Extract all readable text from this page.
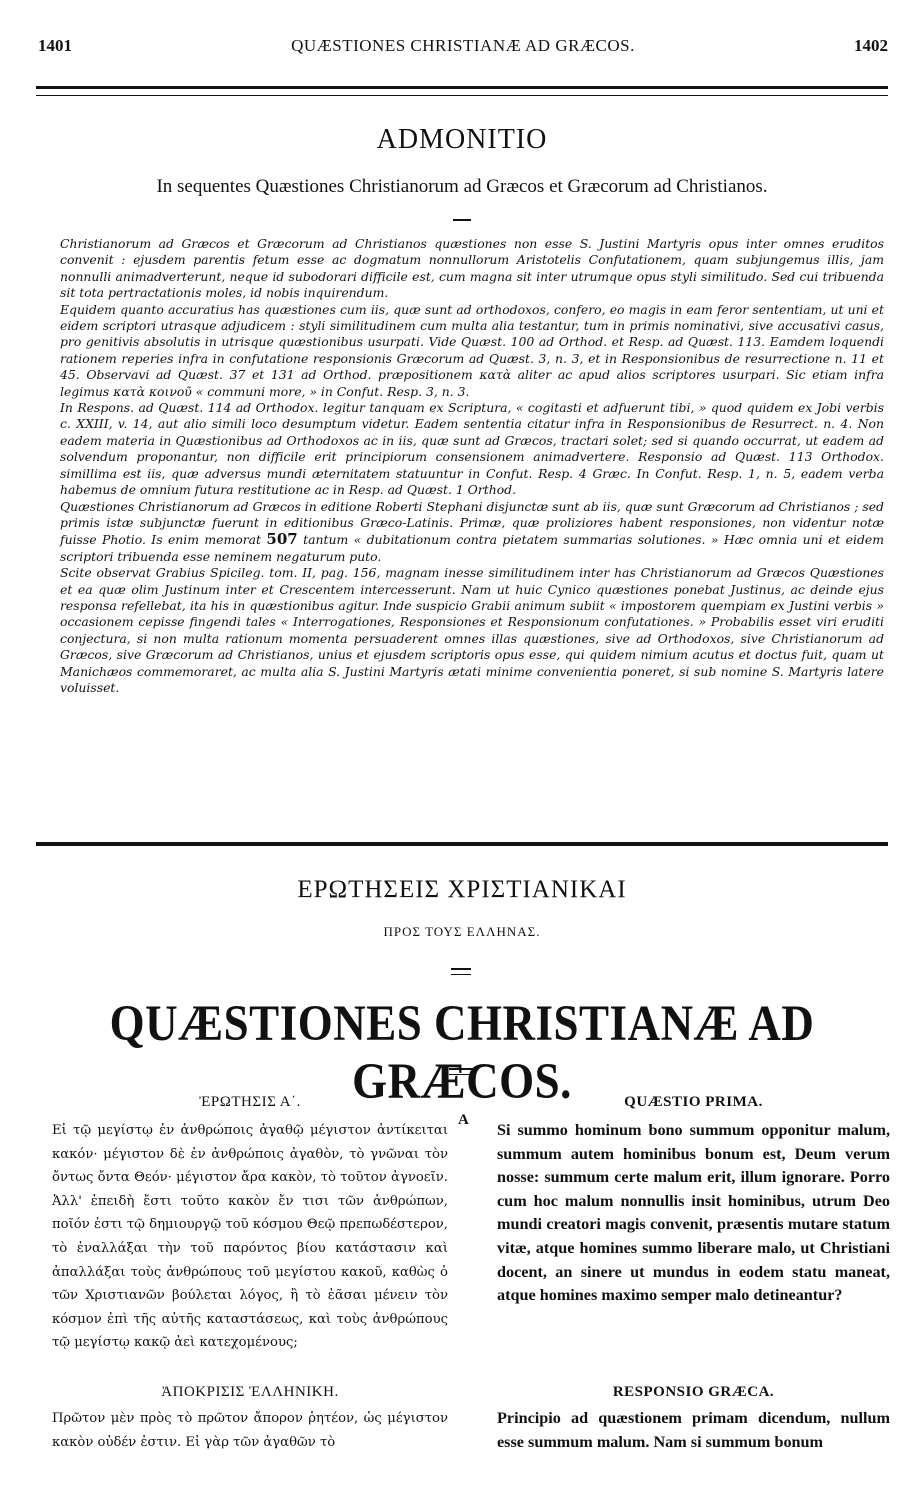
1401	QUÆSTIONES CHRISTIANÆ AD GRÆCOS.	1402
ADMONITIO
In sequentes Quæstiones Christianorum ad Græcos et Græcorum ad Christianos.

Christianorum ad Græcos et Græcorum ad Christianos quæstiones non esse S. Justini Martyris opus inter omnes eruditos convenit : ejusdem parentis fetum esse ac dogmatum nonnullorum Aristotelis Confutationem, quam subjungemus illis, jam nonnulli animadverterunt, neque id subodorari difficile est, cum magna sit inter utrumque opus styli similitudo. Sed cui tribuenda sit tota pertractationis moles, id nobis inquirendum.

Equidem quanto accuratius has quæstiones cum iis, quæ sunt ad orthodoxos, confero, eo magis in eam feror sententiam, ut uni et eidem scriptori utrasque adjudicem : styli similitudinem cum multa alia testantur, tum in primis nominativi, sive accusativi casus, pro genitivis absolutis in utrisque quæstionibus usurpati. Vide Quæst. 100 ad Orthod. et Resp. ad Quæst. 113. Eamdem loquendi rationem reperies infra in confutatione responsionis Græcorum ad Quæst. 3, n. 3, et in Responsionibus de resurrectione n. 11 et 45. Observavi ad Quæst. 37 et 131 ad Orthod. præpositionem κατὰ aliter ac apud alios scriptores usurpari. Sic etiam infra legimus κατὰ κοινοῦ « communi more, » in Confut. Resp. 3, n. 3.

In Respons. ad Quæst. 114 ad Orthodox. legitur tanquam ex Scriptura, « cogitasti et adfuerunt tibi, » quod quidem ex Jobi verbis c. XXIII, v. 14, aut alio simili loco desumptum videtur. Eadem sententia citatur infra in Responsionibus de Resurrect. n. 4. Non eadem materia in Quæstionibus ad Orthodoxos ac in iis, quæ sunt ad Græcos, tractari solet; sed si quando occurrat, ut eadem ad solvendum proponantur, non difficile erit principiorum consensionem animadvertere. Responsio ad Quæst. 113 Orthodox. simillima est iis, quæ adversus mundi æternitatem statuuntur in Confut. Resp. 4 Græc. In Confut. Resp. 1, n. 5, eadem verba habemus de omnium futura restitutione ac in Resp. ad Quæst. 1 Orthod.

Quæstiones Christianorum ad Græcos in editione Roberti Stephani disjunctæ sunt ab iis, quæ sunt Græcorum ad Christianos ; sed primis istæ subjunctæ fuerunt in editionibus Græco-Latinis. Primæ, quæ proliziores habent responsiones, non videntur notæ fuisse Photio. Is enim memorat 507 tantum « dubitationum contra pietatem summarias solutiones. » Hæc omnia uni et eidem scriptori tribuenda esse neminem negaturum puto.

Scite observat Grabius Spicileg. tom. II, pag. 156, magnam inesse similitudinem inter has Christianorum ad Græcos Quæstiones et ea quæ olim Justinum inter et Crescentem intercesserunt. Nam ut huic Cynico quæstiones ponebat Justinus, ac deinde ejus responsa refellebat, ita his in quæstionibus agitur. Inde suspicio Grabii animum subiit « impostorem quempiam ex Justini verbis » occasionem cepisse fingendi tales « Interrogationes, Responsiones et Responsionum confutationes. » Probabilis esset viri eruditi conjectura, si non multa rationum momenta persuaderent omnes illas quæstiones, sive ad Orthodoxos, sive Christianorum ad Græcos, sive Græcorum ad Christianos, unius et ejusdem scriptoris opus esse, qui quidem nimium acutus et doctus fuit, quam ut Manichæos commemoraret, ac multa alia S. Justini Martyris ætati minime convenientia poneret, si sub nomine S. Martyris latere voluisset.

ΕΡΩΤΗΣΕΙΣ ΧΡΙΣΤΙΑΝΙΚΑΙ
ΠΡΟΣ ΤΟΥΣ ΕΛΛΗΝΑΣ.
QUÆSTIONES CHRISTIANÆ AD GRÆCOS.
ἘΡΩΤΗΣΙΣ Α΄.
Εἰ τῷ μεγίστῳ ἐν ἀνθρώποις ἀγαθῷ μέγιστον ἀντίκειται κακόν· μέγιστον δὲ ἐν ἀνθρώποις ἀγαθὸν, τὸ γνῶναι τὸν ὄντως ὄντα Θεόν· μέγιστον ἄρα κακὸν, τὸ τοῦτον ἀγνοεῖν. Ἀλλ' ἐπειδὴ ἔστι τοῦτο κακὸν ἔν τισι τῶν ἀνθρώπων, ποῖόν ἐστι τῷ δημιουργῷ τοῦ κόσμου Θεῷ πρεπωδέστερον, τὸ ἐναλλάξαι τὴν τοῦ παρόντος βίου κατάστασιν καὶ ἀπαλλάξαι τοὺς ἀνθρώπους τοῦ μεγίστου κακοῦ, καθὼς ὁ τῶν Χριστιανῶν βούλεται λόγος, ἢ τὸ ἐᾶσαι μένειν τὸν κόσμον ἐπὶ τῆς αὐτῆς καταστάσεως, καὶ τοὺς ἀνθρώπους τῷ μεγίστῳ κακῷ ἀεὶ κατεχομένους;
A
QUÆSTIO PRIMA.
Si summo hominum bono summum opponitur malum, summum autem hominibus bonum est, Deum verum nosse: summum certe malum erit, illum ignorare. Porro cum hoc malum nonnullis insit hominibus, utrum Deo mundi creatori magis convenit, præsentis mutare statum vitæ, atque homines summo liberare malo, ut Christiani docent, an sinere ut mundus in eodem statu maneat, atque homines maximo semper malo detineantur?
ἈΠΟΚΡΙΣΙΣ ἙΛΛΗΝΙΚΗ.
Πρῶτον μὲν πρὸς τὸ πρῶτον ἄπορον ῥητέον, ὡς μέγιστον κακὸν οὐδέν ἐστιν. Εἰ γὰρ τῶν ἀγαθῶν τὸ
RESPONSIO GRÆCA.
Principio ad quæstionem primam dicendum, nullum esse summum malum. Nam si summum bonum
